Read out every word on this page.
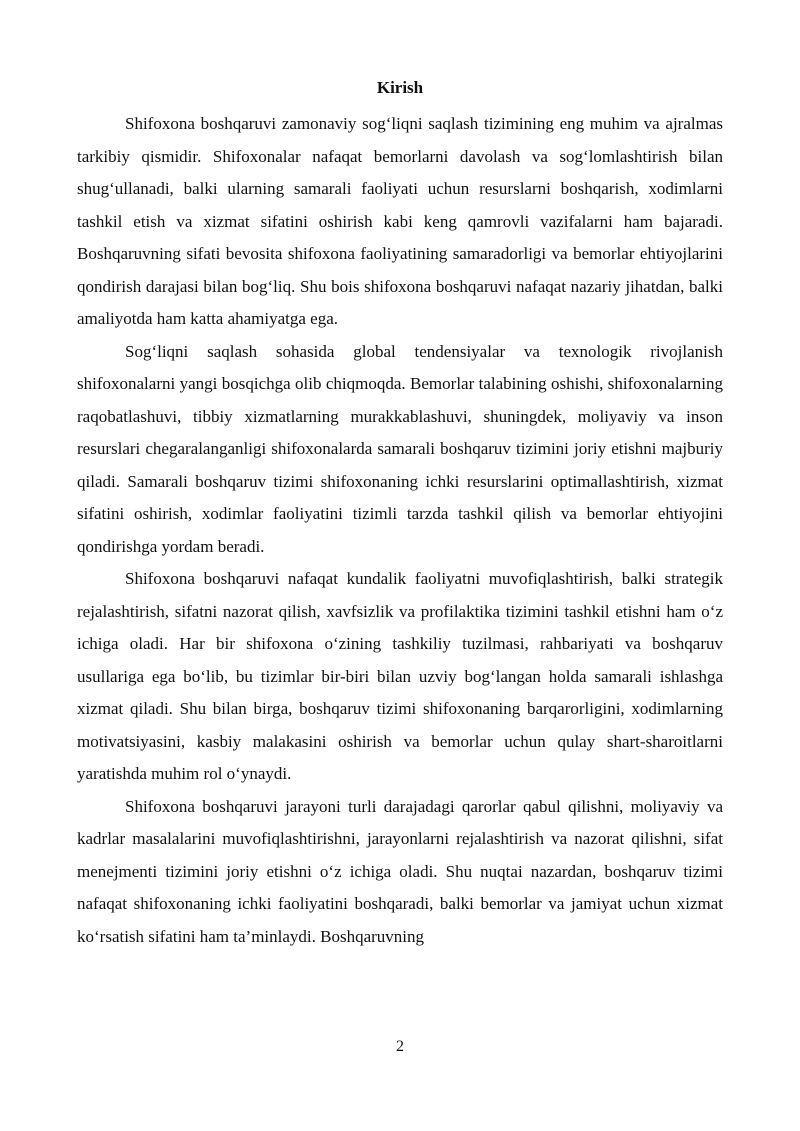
Kirish

Shifoxona boshqaruvi zamonaviy sog‘liqni saqlash tizimining eng muhim va ajralmas tarkibiy qismidir. Shifoxonalar nafaqat bemorlarni davolash va sog‘lomlashtirish bilan shug‘ullanadi, balki ularning samarali faoliyati uchun resurslarni boshqarish, xodimlarni tashkil etish va xizmat sifatini oshirish kabi keng qamrovli vazifalarni ham bajaradi. Boshqaruvning sifati bevosita shifoxona faoliyatining samaradorligi va bemorlar ehtiyojlarini qondirish darajasi bilan bog‘liq. Shu bois shifoxona boshqaruvi nafaqat nazariy jihatdan, balki amaliyotda ham katta ahamiyatga ega.

Sog‘liqni saqlash sohasida global tendensiyalar va texnologik rivojlanish shifoxonalarni yangi bosqichga olib chiqmoqda. Bemorlar talabining oshishi, shifoxonalarning raqobatlashuvi, tibbiy xizmatlarning murakkablashuvi, shuningdek, moliyaviy va inson resurslari chegaralanganligi shifoxonalarda samarali boshqaruv tizimini joriy etishni majburiy qiladi. Samarali boshqaruv tizimi shifoxonaning ichki resurslarini optimallashtirish, xizmat sifatini oshirish, xodimlar faoliyatini tizimli tarzda tashkil qilish va bemorlar ehtiyojini qondirishga yordam beradi.

Shifoxona boshqaruvi nafaqat kundalik faoliyatni muvofiqlashtirish, balki strategik rejalashtirish, sifatni nazorat qilish, xavfsizlik va profilaktika tizimini tashkil etishni ham o‘z ichiga oladi. Har bir shifoxona o‘zining tashkiliy tuzilmasi, rahbariyati va boshqaruv usullariga ega bo‘lib, bu tizimlar bir-biri bilan uzviy bog‘langan holda samarali ishlashga xizmat qiladi. Shu bilan birga, boshqaruv tizimi shifoxonaning barqarorligini, xodimlarning motivatsiyasini, kasbiy malakasini oshirish va bemorlar uchun qulay shart-sharoitlarni yaratishda muhim rol o‘ynaydi.

Shifoxona boshqaruvi jarayoni turli darajadagi qarorlar qabul qilishni, moliyaviy va kadrlar masalalarini muvofiqlashtirishni, jarayonlarni rejalashtirish va nazorat qilishni, sifat menejmenti tizimini joriy etishni o‘z ichiga oladi. Shu nuqtai nazardan, boshqaruv tizimi nafaqat shifoxonaning ichki faoliyatini boshqaradi, balki bemorlar va jamiyat uchun xizmat ko‘rsatish sifatini ham ta’minlaydi. Boshqaruvning

2
